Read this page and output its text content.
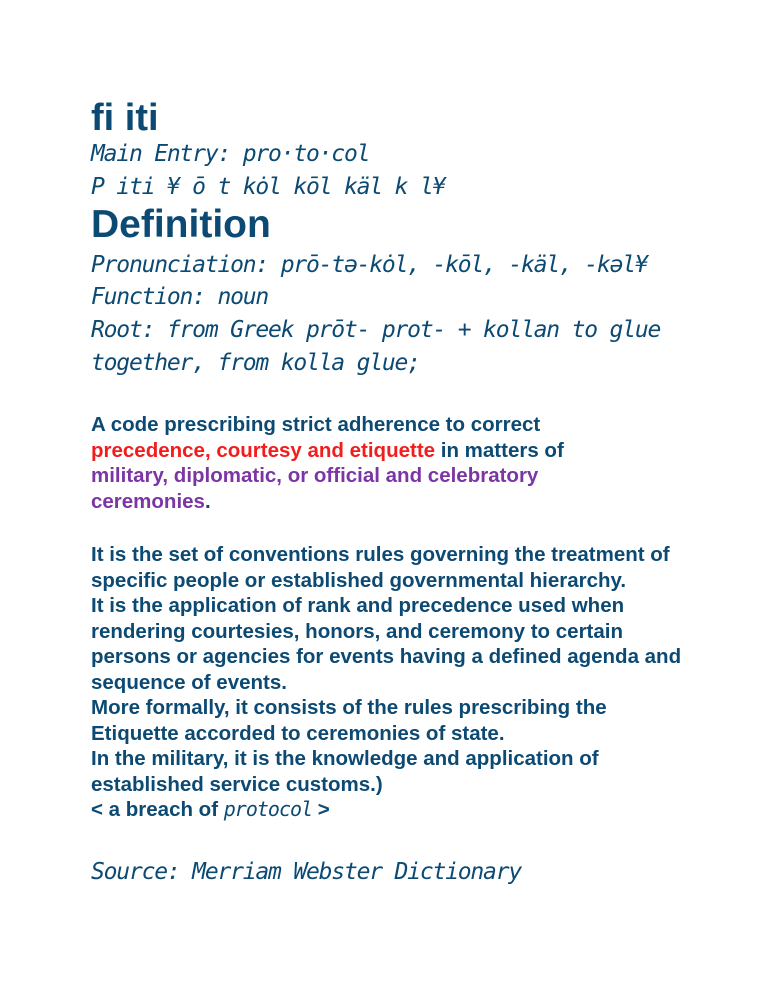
fi iti

Main Entry: pro·to·col

P iti ¥ ō t kȯl kōl käl k l¥

Definition

Pronunciation: prō-tə-kȯl, -kōl, -käl, -kəl¥

Function: noun

Root: from Greek prōt- prot- + kollan to glue together, from kolla glue;

A code prescribing strict adherence to correct
precedence, courtesy and etiquette in matters of
military, diplomatic, or official and celebratory ceremonies.

It is the set of conventions rules governing the treatment of specific people or established governmental hierarchy.
It is the application of rank and precedence used when rendering courtesies, honors, and ceremony to certain persons or agencies for events having a defined agenda and sequence of events.
More formally, it consists of the rules prescribing the Etiquette accorded to ceremonies of state.
In the military, it is the knowledge and application of established service customs.)
< a breach of protocol >

Source: Merriam Webster Dictionary
